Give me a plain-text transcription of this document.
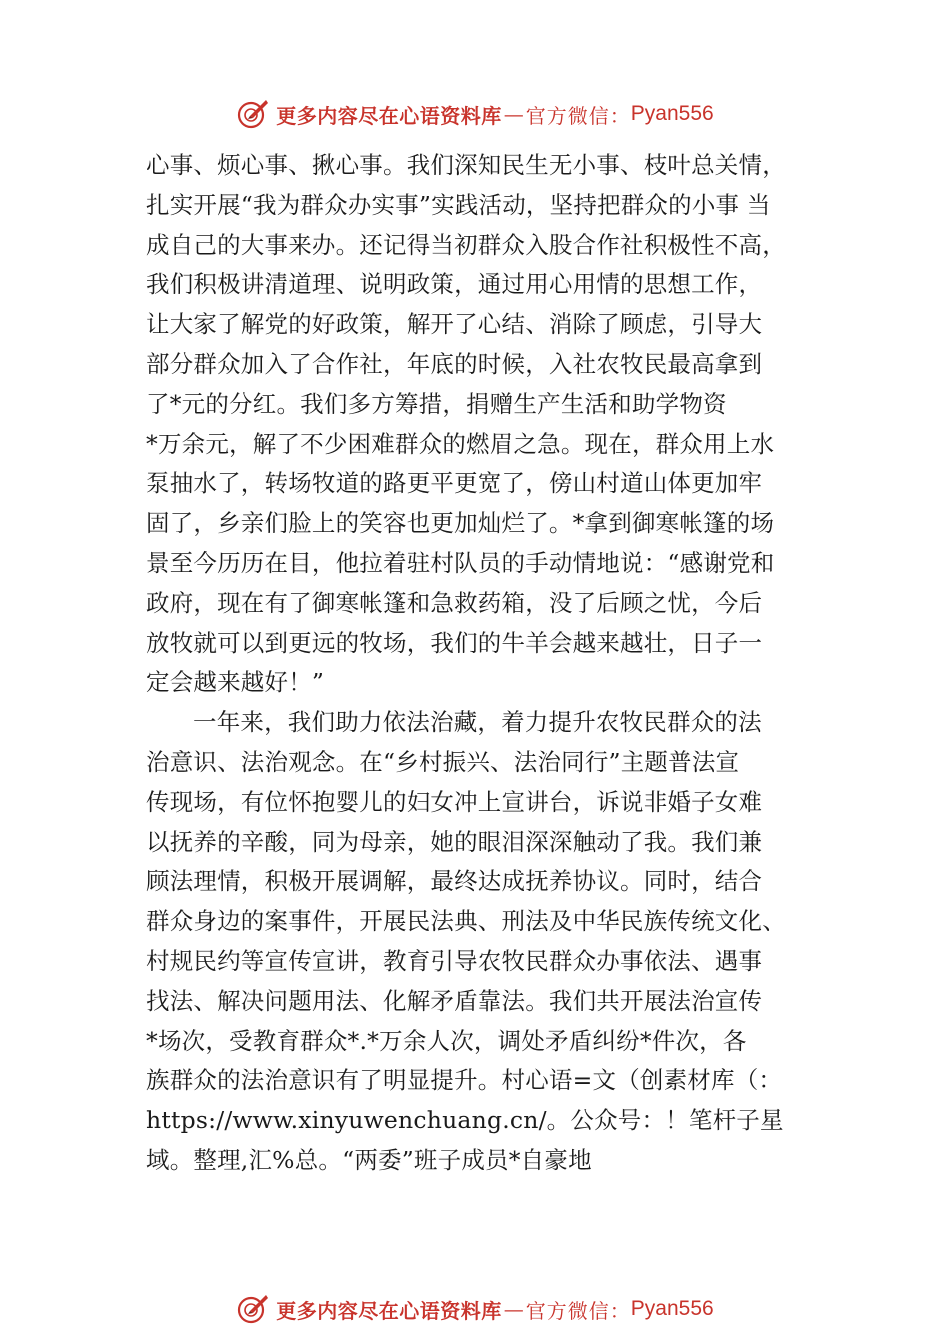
更多内容尽在心语资料库 — 官方微信： Pyan556
心事、烦心事、揪心事。我们深知民生无小事、枝叶总关情，
扎实开展“我为群众办实事”实践活动，坚持把群众的小事 当
成自己的大事来办。还记得当初群众入股合作社积极性不高，
我们积极讲清道理、说明政策，通过用心用情的思想工作，
让大家了解党的好政策，解开了心结、消除了顾虑，引导大
部分群众加入了合作社，年底的时候，入社农牧民最高拿到
了*元的分红。我们多方筹措，捐赠生产生活和助学物资
*万余元，解了不少困难群众的燃眉之急。现在，群众用上水
泵抽水了，转场牧道的路更平更宽了，傍山村道山体更加牢
固了，乡亲们脸上的笑容也更加灿烂了。*拿到御寒帐篷的场
景至今历历在目，他拉着驻村队员的手动情地说：“感谢党和
政府，现在有了御寒帐篷和急救药箱，没了后顾之忧，今后
放牧就可以到更远的牧场，我们的牛羊会越来越壮，日子一
定会越来越好！”
一年来，我们助力依法治藏，着力提升农牧民群众的法
治意识、法治观念。在“乡村振兴、法治同行”主题普法宣
传现场，有位怀抱婴儿的妇女冲上宣讲台，诉说非婚子女难
以抚养的辛酸，同为母亲，她的眼泪深深触动了我。我们兼
顾法理情，积极开展调解，最终达成抚养协议。同时，结合
群众身边的案事件，开展民法典、刑法及中华民族传统文化、
村规民约等宣传宣讲，教育引导农牧民群众办事依法、遇事
找法、解决问题用法、化解矛盾靠法。我们共开展法治宣传
*场次，受教育群众*.*万余人次，调处矛盾纠纷*件次，各
族群众的法治意识有了明显提升。村心语=文（创素材库（：
https://www.xinyuwenchuang.cn/。公众号：！笔杆子星
域。整理,汇%总。“两委”班子成员*自豪地
更多内容尽在心语资料库 — 官方微信： Pyan556
